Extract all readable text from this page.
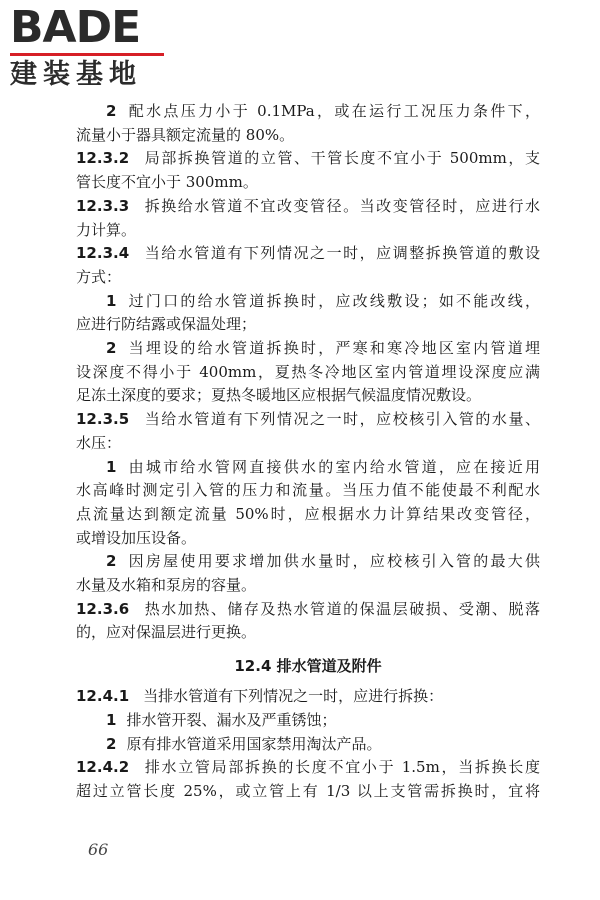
BADE
建装基地
2 配水点压力小于 0.1MPa，或在运行工况压力条件下，
流量小于器具额定流量的 80%。
12.3.2 局部拆换管道的立管、干管长度不宜小于 500mm，支
管长度不宜小于 300mm。
12.3.3 拆换给水管道不宜改变管径。当改变管径时，应进行水
力计算。
12.3.4 当给水管道有下列情况之一时，应调整拆换管道的敷设
方式：
1 过门口的给水管道拆换时，应改线敷设；如不能改线，
应进行防结露或保温处理；
2 当埋设的给水管道拆换时，严寒和寒冷地区室内管道埋
设深度不得小于 400mm，夏热冬冷地区室内管道埋设深度应满
足冻土深度的要求；夏热冬暖地区应根据气候温度情况敷设。
12.3.5 当给水管道有下列情况之一时，应校核引入管的水量、
水压：
1 由城市给水管网直接供水的室内给水管道，应在接近用
水高峰时测定引入管的压力和流量。当压力值不能使最不利配水
点流量达到额定流量 50%时，应根据水力计算结果改变管径，
或增设加压设备。
2 因房屋使用要求增加供水量时，应校核引入管的最大供
水量及水箱和泵房的容量。
12.3.6 热水加热、储存及热水管道的保温层破损、受潮、脱落
的，应对保温层进行更换。
12.4 排水管道及附件
12.4.1 当排水管道有下列情况之一时，应进行拆换：
1 排水管开裂、漏水及严重锈蚀；
2 原有排水管道采用国家禁用淘汰产品。
12.4.2 排水立管局部拆换的长度不宜小于 1.5m，当拆换长度
超过立管长度 25%，或立管上有 1/3 以上支管需拆换时，宜将
66
